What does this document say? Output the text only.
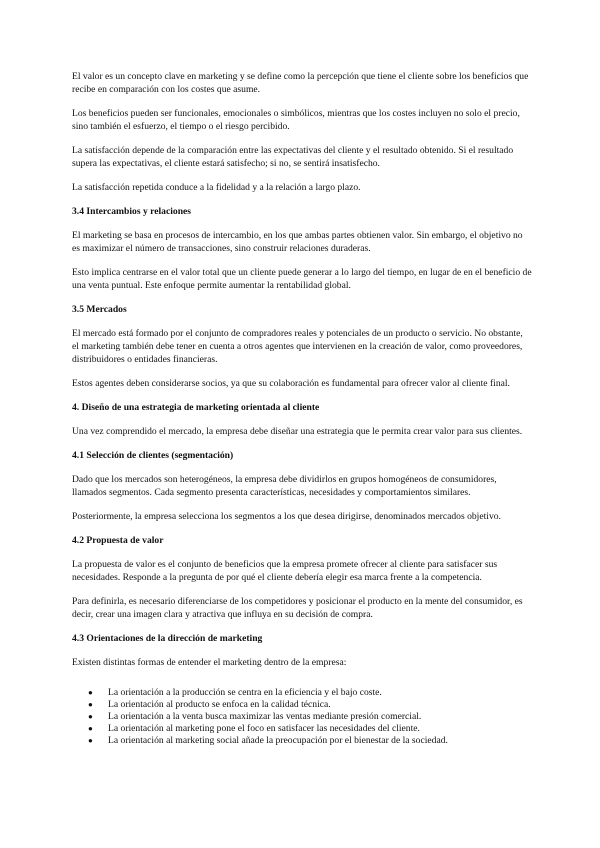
El valor es un concepto clave en marketing y se define como la percepción que tiene el cliente sobre los beneficios que recibe en comparación con los costes que asume.

Los beneficios pueden ser funcionales, emocionales o simbólicos, mientras que los costes incluyen no solo el precio, sino también el esfuerzo, el tiempo o el riesgo percibido.

La satisfacción depende de la comparación entre las expectativas del cliente y el resultado obtenido. Si el resultado supera las expectativas, el cliente estará satisfecho; si no, se sentirá insatisfecho.

La satisfacción repetida conduce a la fidelidad y a la relación a largo plazo.

3.4 Intercambios y relaciones

El marketing se basa en procesos de intercambio, en los que ambas partes obtienen valor. Sin embargo, el objetivo no es maximizar el número de transacciones, sino construir relaciones duraderas.

Esto implica centrarse en el valor total que un cliente puede generar a lo largo del tiempo, en lugar de en el beneficio de una venta puntual. Este enfoque permite aumentar la rentabilidad global.

3.5 Mercados

El mercado está formado por el conjunto de compradores reales y potenciales de un producto o servicio. No obstante, el marketing también debe tener en cuenta a otros agentes que intervienen en la creación de valor, como proveedores, distribuidores o entidades financieras.

Estos agentes deben considerarse socios, ya que su colaboración es fundamental para ofrecer valor al cliente final.

4. Diseño de una estrategia de marketing orientada al cliente

Una vez comprendido el mercado, la empresa debe diseñar una estrategia que le permita crear valor para sus clientes.

4.1 Selección de clientes (segmentación)

Dado que los mercados son heterogéneos, la empresa debe dividirlos en grupos homogéneos de consumidores, llamados segmentos. Cada segmento presenta características, necesidades y comportamientos similares.

Posteriormente, la empresa selecciona los segmentos a los que desea dirigirse, denominados mercados objetivo.

4.2 Propuesta de valor

La propuesta de valor es el conjunto de beneficios que la empresa promete ofrecer al cliente para satisfacer sus necesidades. Responde a la pregunta de por qué el cliente debería elegir esa marca frente a la competencia.

Para definirla, es necesario diferenciarse de los competidores y posicionar el producto en la mente del consumidor, es decir, crear una imagen clara y atractiva que influya en su decisión de compra.

4.3 Orientaciones de la dirección de marketing

Existen distintas formas de entender el marketing dentro de la empresa:

● La orientación a la producción se centra en la eficiencia y el bajo coste.
● La orientación al producto se enfoca en la calidad técnica.
● La orientación a la venta busca maximizar las ventas mediante presión comercial.
● La orientación al marketing pone el foco en satisfacer las necesidades del cliente.
● La orientación al marketing social añade la preocupación por el bienestar de la sociedad.
